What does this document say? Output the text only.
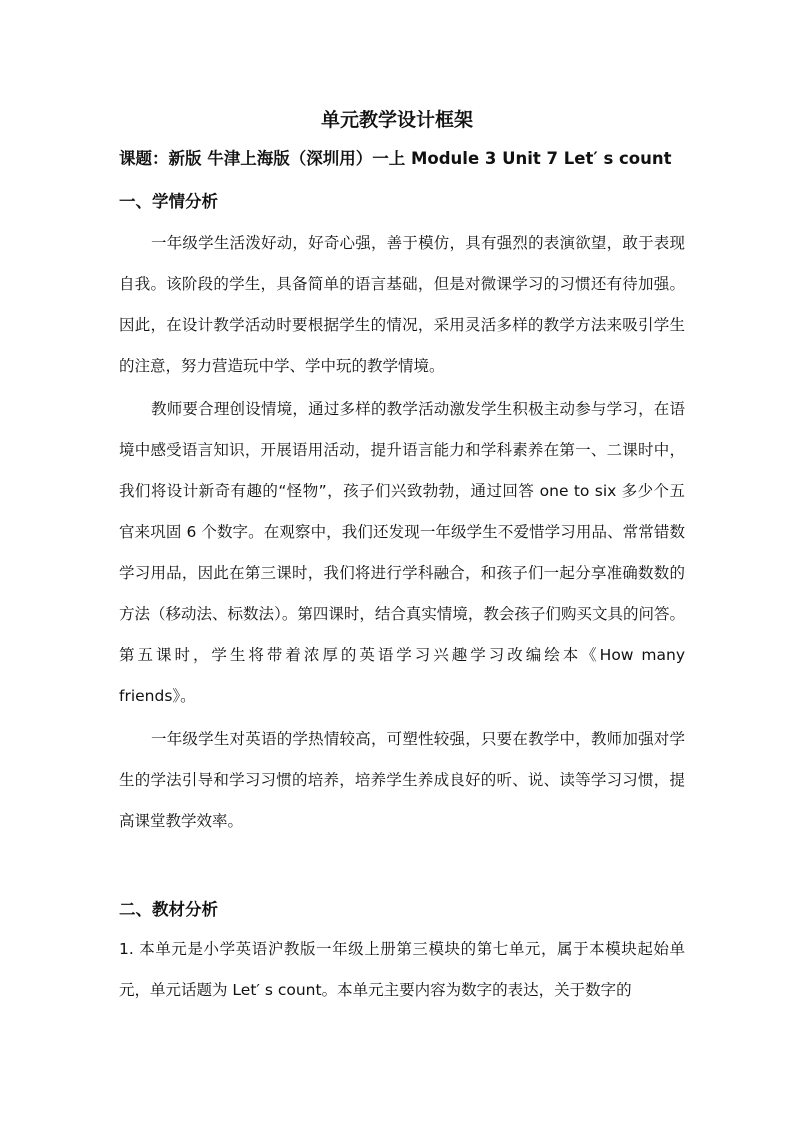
单元教学设计框架
课题：新版 牛津上海版（深圳用）一上 Module 3 Unit 7 Let′ s count
一、学情分析

一年级学生活泼好动，好奇心强，善于模仿，具有强烈的表演欲望，敢于表现自我。该阶段的学生，具备简单的语言基础，但是对微课学习的习惯还有待加强。因此，在设计教学活动时要根据学生的情况，采用灵活多样的教学方法来吸引学生的注意，努力营造玩中学、学中玩的教学情境。

教师要合理创设情境，通过多样的教学活动激发学生积极主动参与学习，在语境中感受语言知识，开展语用活动，提升语言能力和学科素养在第一、二课时中，我们将设计新奇有趣的“怪物”，孩子们兴致勃勃，通过回答 one to six 多少个五官来巩固 6 个数字。在观察中，我们还发现一年级学生不爱惜学习用品、常常错数学习用品，因此在第三课时，我们将进行学科融合，和孩子们一起分享准确数数的方法（移动法、标数法）。第四课时，结合真实情境，教会孩子们购买文具的问答。第五课时，学生将带着浓厚的英语学习兴趣学习改编绘本《How many friends》。

一年级学生对英语的学热情较高，可塑性较强，只要在教学中，教师加强对学生的学法引导和学习习惯的培养，培养学生养成良好的听、说、读等学习习惯，提高课堂教学效率。

二、教材分析

1. 本单元是小学英语沪教版一年级上册第三模块的第七单元，属于本模块起始单元，单元话题为 Let′ s count。本单元主要内容为数字的表达，关于数字的
